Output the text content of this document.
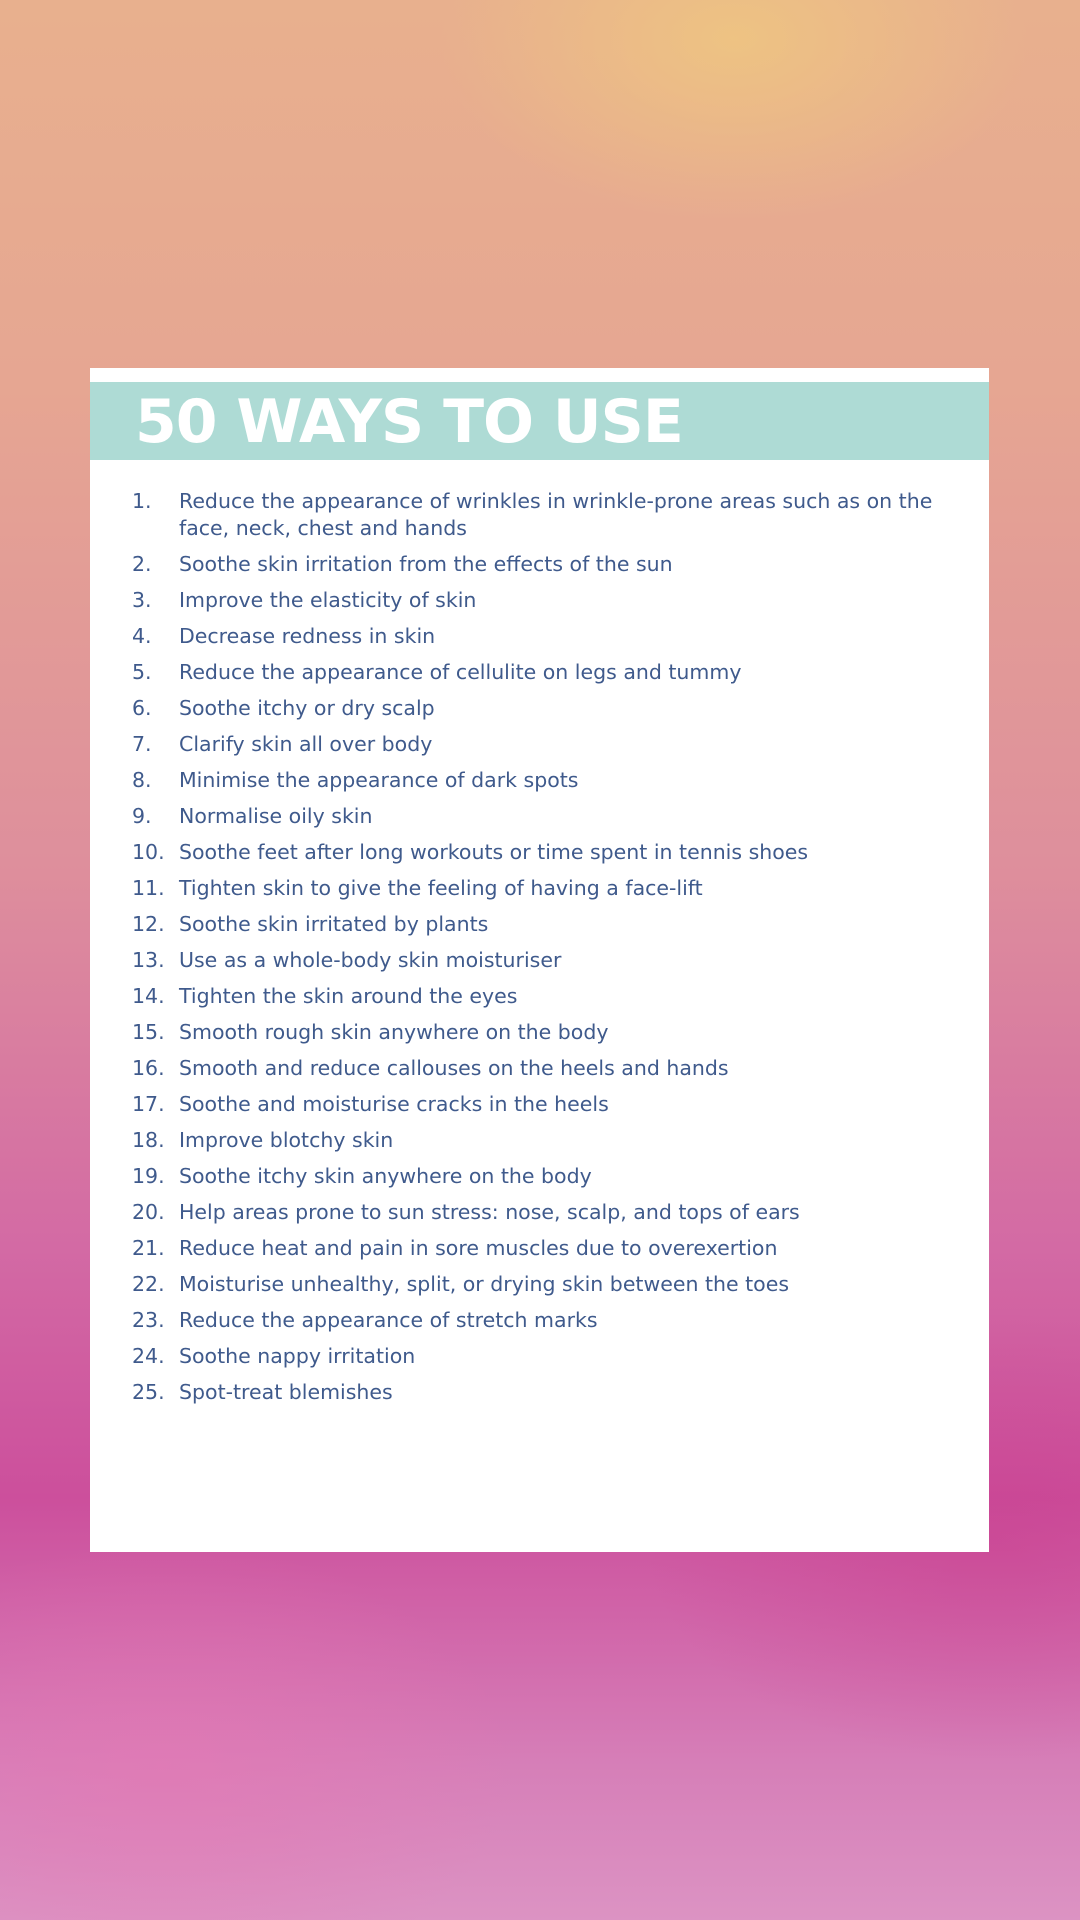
50 WAYS TO USE
1.	Reduce the appearance of wrinkles in wrinkle-prone areas such as on the face, neck, chest and hands
2.	Soothe skin irritation from the effects of the sun
3.	Improve the elasticity of skin
4.	Decrease redness in skin
5.	Reduce the appearance of cellulite on legs and tummy
6.	Soothe itchy or dry scalp
7.	Clarify skin all over body
8.	Minimise the appearance of dark spots
9.	Normalise oily skin
10. Soothe feet after long workouts or time spent in tennis shoes
11. Tighten skin to give the feeling of having a face-lift
12. Soothe skin irritated by plants
13. Use as a whole-body skin moisturiser
14. Tighten the skin around the eyes
15. Smooth rough skin anywhere on the body
16. Smooth and reduce callouses on the heels and hands
17. Soothe and moisturise cracks in the heels
18. Improve blotchy skin
19. Soothe itchy skin anywhere on the body
20. Help areas prone to sun stress: nose, scalp, and tops of ears
21. Reduce heat and pain in sore muscles due to overexertion
22. Moisturise unhealthy, split, or drying skin between the toes
23. Reduce the appearance of stretch marks
24. Soothe nappy irritation
25. Spot-treat blemishes
